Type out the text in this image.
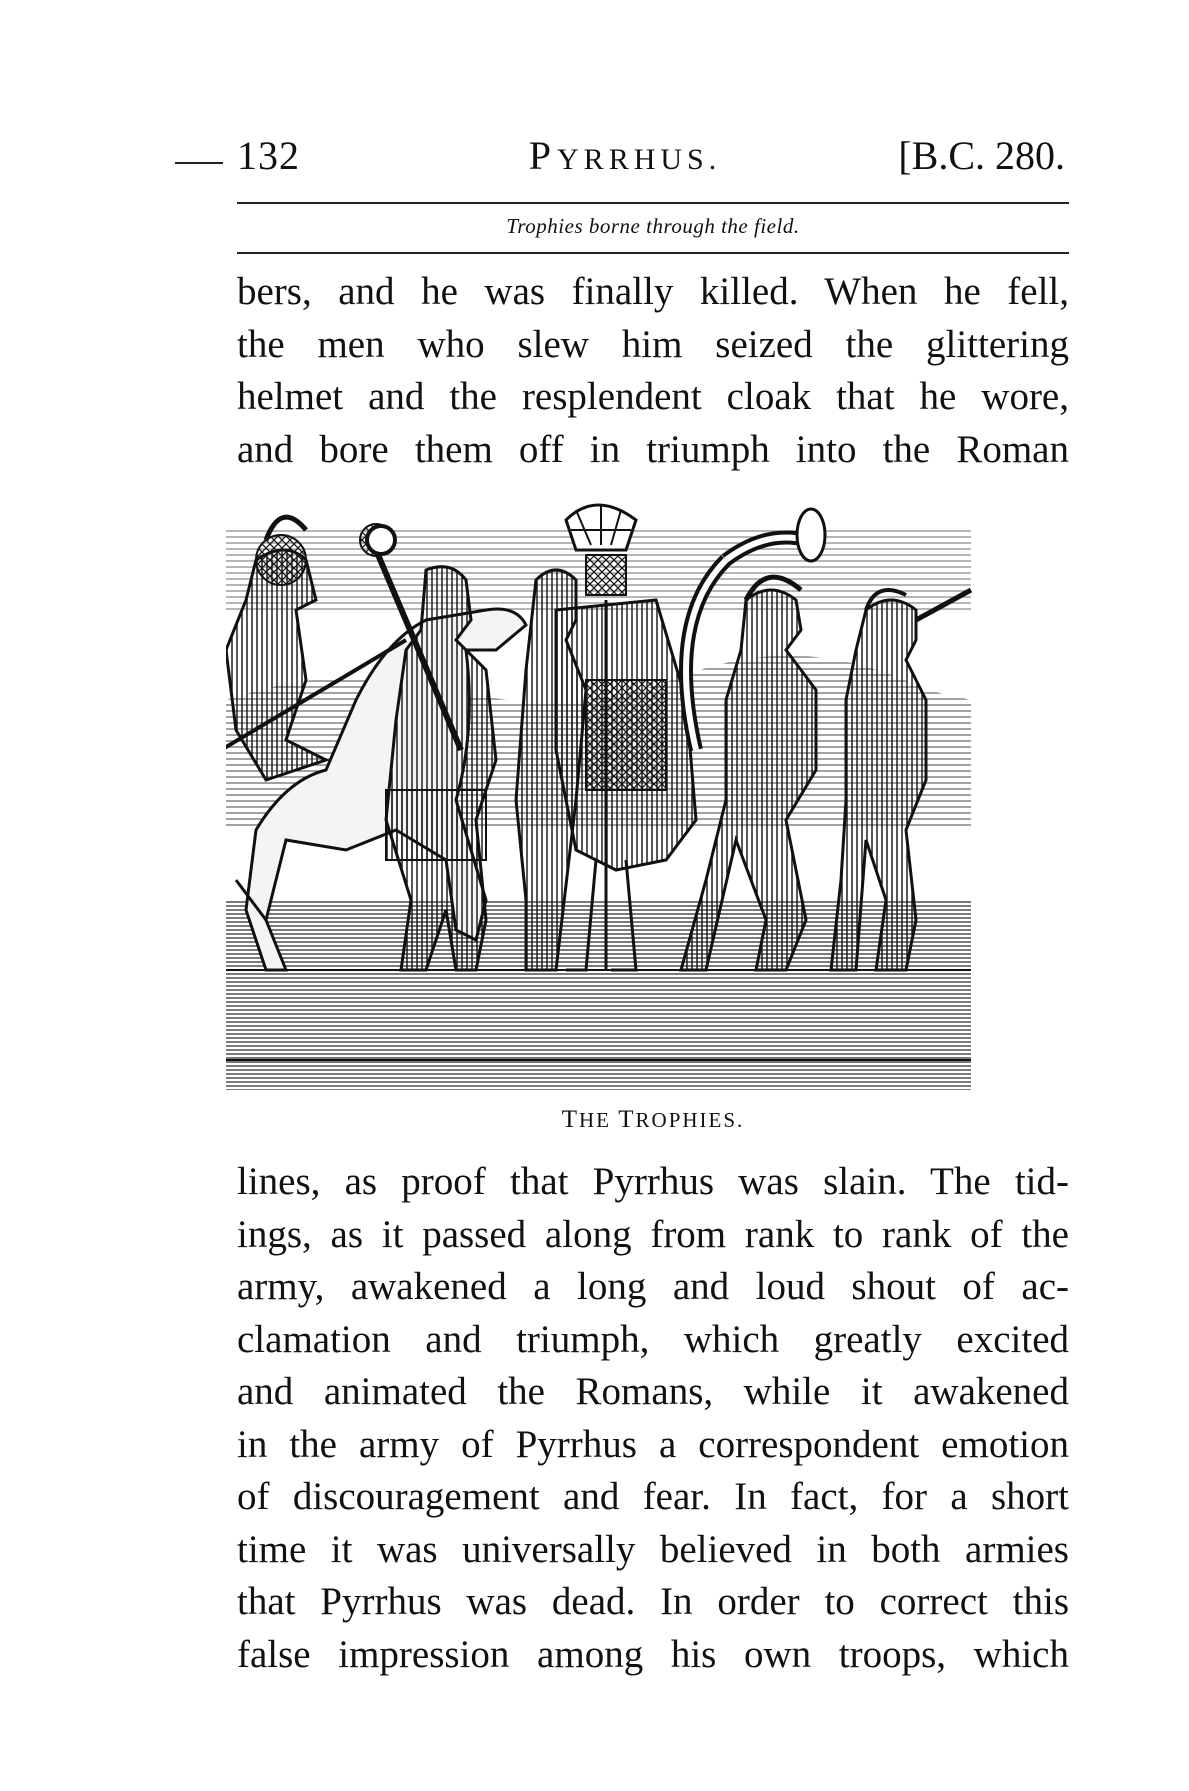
132	PYRRHUS.	[B.C. 280.
Trophies borne through the field.
bers, and he was finally killed. When he fell,
the men who slew him seized the glittering
helmet and the resplendent cloak that he wore,
and bore them off in triumph into the Roman
THE TROPHIES.
lines, as proof that Pyrrhus was slain. The tid-
ings, as it passed along from rank to rank of the
army, awakened a long and loud shout of ac-
clamation and triumph, which greatly excited
and animated the Romans, while it awakened
in the army of Pyrrhus a correspondent emotion
of discouragement and fear. In fact, for a short
time it was universally believed in both armies
that Pyrrhus was dead. In order to correct this
false impression among his own troops, which
